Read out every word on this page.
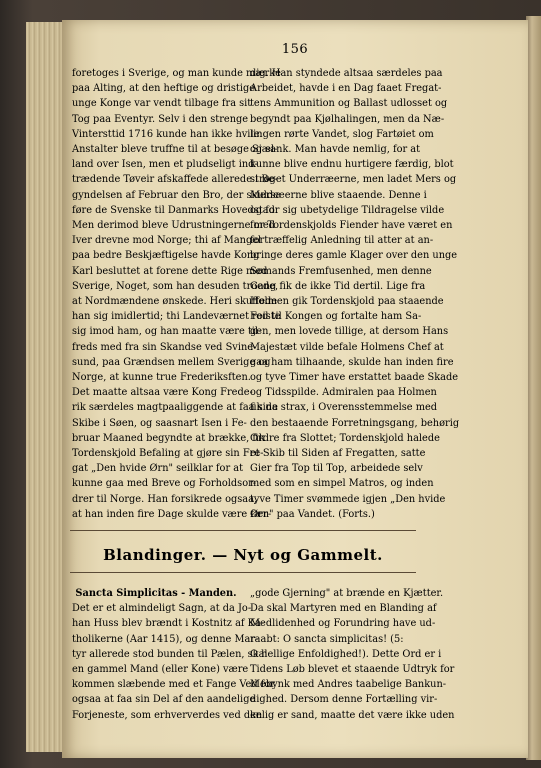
156
foretoges i Sverige, og man kunde mærke
paa Alting, at den heftige og dristige
unge Konge var vendt tilbage fra sit
Tog paa Eventyr. Selv i den strenge
Vintersttid 1716 kunde han ikke hvile:
Anstalter bleve truffne til at besøge Sjæl-
land over Isen, men et pludseligt ind-
trædende Tøveir afskaffede allerede i Be-
gyndelsen af Februar den Bro, der skulde
føre de Svenske til Danmarks Hovedstad.
Men derimod bleve Udrustningerne med
Iver drevne mod Norge; thi af Mangel
paa bedre Beskjæftigelse havde Kong
Karl besluttet at forene dette Rige med
Sverige, Noget, som han desuden troede,
at Nordmændene ønskede. Heri skuffede
han sig imidlertid; thi Landeværnet reiste
sig imod ham, og han maatte være til-
freds med fra sin Skandse ved Svine-
sund, paa Grændsen mellem Sverige og
Norge, at kunne true Frederiksften.
Det maatte altsaa være Kong Frede-
rik særdeles magtpaaliggende at faa sine
Skibe i Søen, og saasnart Isen i Fe-
bruar Maaned begyndte at brække, fik
Tordenskjold Befaling at gjøre sin Fre-
gat „Den hvide Ørn" seilklar for at
kunne gaa med Breve og Forholdsor-
drer til Norge. Han forsikrede ogsaa,
at han inden fire Dage skulde være fær-
dig. Han styndede altsaa særdeles paa
Arbeidet, havde i en Dag faaet Fregat-
tens Ammunition og Ballast udlosset og
begyndt paa Kjølhalingen, men da Næ-
lingen rørte Vandet, slog Fartøiet om
og sank. Man havde nemlig, for at
kunne blive endnu hurtigere færdig, blot
strøget Underræerne, men ladet Mers og
Mersæerne blive staaende. Denne i
og for sig ubetydelige Tildragelse vilde
for Tordenskjolds Fiender have været en
fortræffelig Anledning til atter at an-
bringe deres gamle Klager over den unge
Sømands Fremfusenhed, men denne
Gang fik de ikke Tid dertil. Lige fra
Holmen gik Tordenskjold paa staaende
Fod til Kongen og fortalte ham Sa-
gen, men lovede tillige, at dersom Hans
Majestæt vilde befale Holmens Chef at
gaa ham tilhaande, skulde han inden fire
og tyve Timer have erstattet baade Skade
og Tidsspilde. Admiralen paa Holmen
fik da strax, i Overensstemmelse med
den bestaaende Forretningsgang, behørig
Ordre fra Slottet; Tordenskjold halede
et Skib til Siden af Fregatten, satte
Gier fra Top til Top, arbeidede selv
med som en simpel Matros, og inden
tyve Timer svømmede igjen „Den hvide
Ørn" paa Vandet. (Forts.)
Blandinger. — Nyt og Gammelt.
Sancta Simplicitas - Manden.
Det er et almindeligt Sagn, at da Jo-
han Huss blev brændt i Kostnitz af Ka-
tholikerne (Aar 1415), og denne Mar-
tyr allerede stod bunden til Pælen, skal
en gammel Mand (eller Kone) være
kommen slæbende med et Fange Ved for
ogsaa at faa sin Del af den aandelige
Forjeneste, som erhververdes ved den
„gode Gjerning" at brænde en Kjætter.
Da skal Martyren med en Blanding af
Medlidenhed og Forundring have ud-
raabt: O sancta simplicitas! (5:
O hellige Enfoldighed!). Dette Ord er i
Tidens Løb blevet et staaende Udtryk for
Mebynk med Andres taabelige Bankun-
dighed. Dersom denne Fortælling vir-
kelig er sand, maatte det være ikke uden
